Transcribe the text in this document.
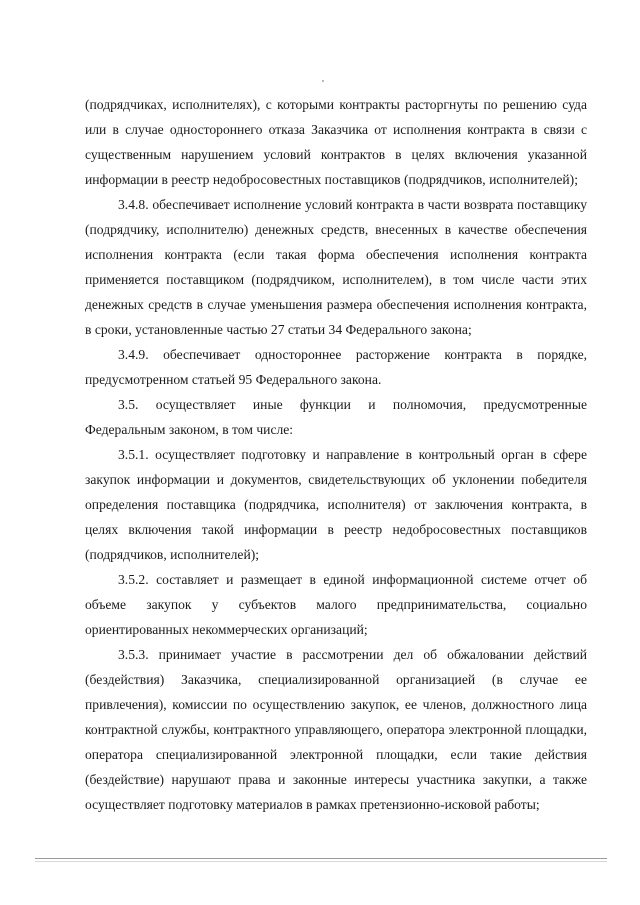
(подрядчиках, исполнителях), с которыми контракты расторгнуты по решению суда или в случае одностороннего отказа Заказчика от исполнения контракта в связи с существенным нарушением условий контрактов в целях включения указанной информации в реестр недобросовестных поставщиков (подрядчиков, исполнителей);

3.4.8. обеспечивает исполнение условий контракта в части возврата поставщику (подрядчику, исполнителю) денежных средств, внесенных в качестве обеспечения исполнения контракта (если такая форма обеспечения исполнения контракта применяется поставщиком (подрядчиком, исполнителем), в том числе части этих денежных средств в случае уменьшения размера обеспечения исполнения контракта, в сроки, установленные частью 27 статьи 34 Федерального закона;

3.4.9. обеспечивает одностороннее расторжение контракта в порядке, предусмотренном статьей 95 Федерального закона.

3.5. осуществляет иные функции и полномочия, предусмотренные Федеральным законом, в том числе:

3.5.1. осуществляет подготовку и направление в контрольный орган в сфере закупок информации и документов, свидетельствующих об уклонении победителя определения поставщика (подрядчика, исполнителя) от заключения контракта, в целях включения такой информации в реестр недобросовестных поставщиков (подрядчиков, исполнителей);

3.5.2. составляет и размещает в единой информационной системе отчет об объеме закупок у субъектов малого предпринимательства, социально ориентированных некоммерческих организаций;

3.5.3. принимает участие в рассмотрении дел об обжаловании действий (бездействия) Заказчика, специализированной организацией (в случае ее привлечения), комиссии по осуществлению закупок, ее членов, должностного лица контрактной службы, контрактного управляющего, оператора электронной площадки, оператора специализированной электронной площадки, если такие действия (бездействие) нарушают права и законные интересы участника закупки, а также осуществляет подготовку материалов в рамках претензионно-исковой работы;
